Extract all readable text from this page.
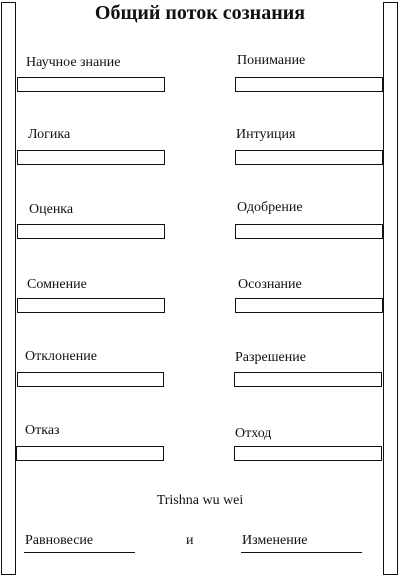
Общий поток сознания
Научное знание	Понимание
Логика	Интуиция
Оценка	Одобрение
Сомнение	Осознание
Отклонение	Разрешение
Отказ	Отход
Trishna wu wei
Равновесие	и	Изменение
